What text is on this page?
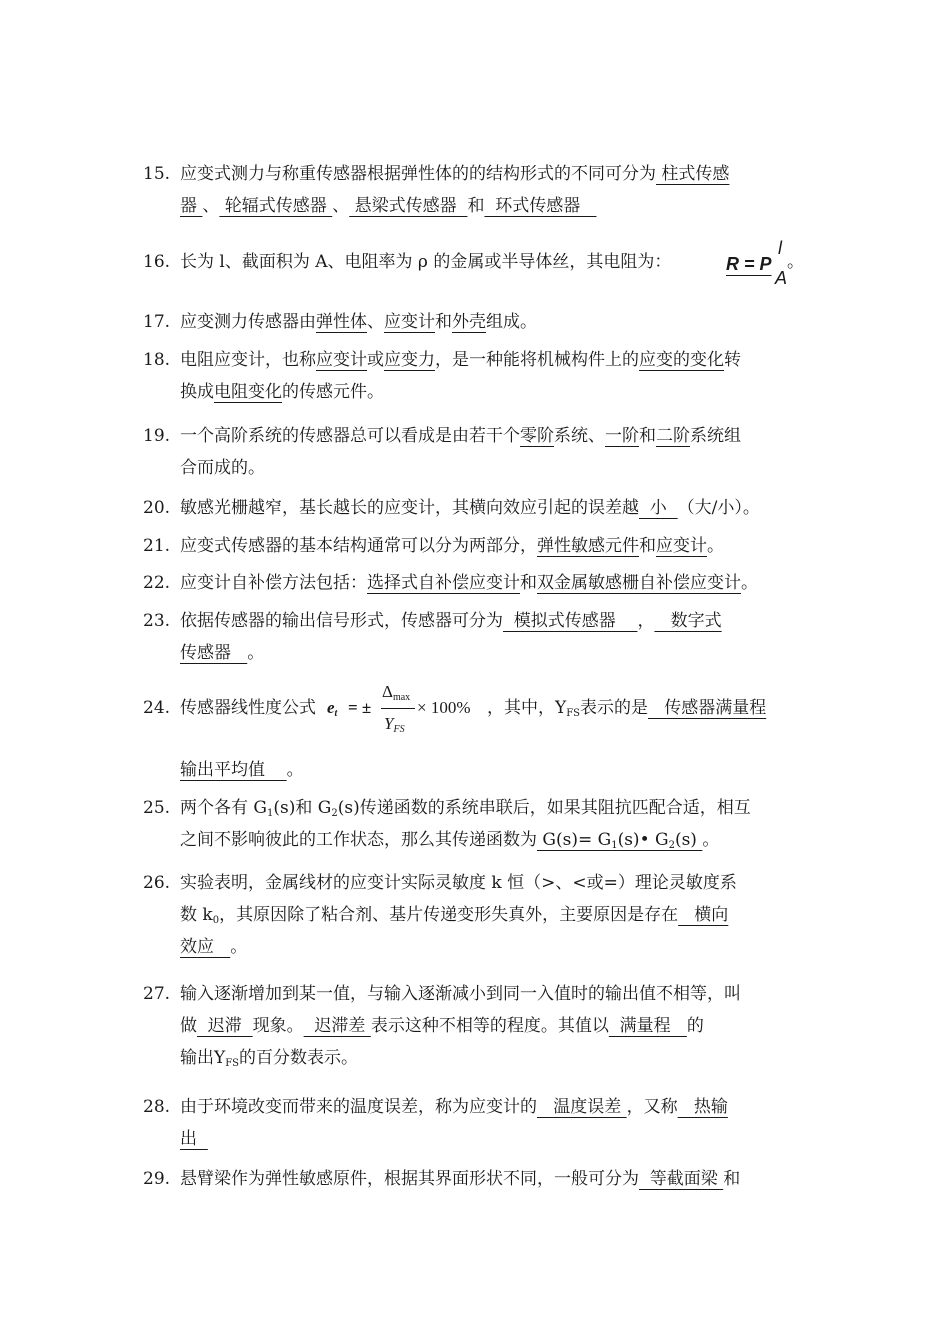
15. 应变式测力与称重传感器根据弹性体的的结构形式的不同可分为 柱式传感
器 、 轮辐式传感器 、 悬梁式传感器  和  环式传感器
16. 长为 l、截面积为 A、电阻率为 ρ 的金属或半导体丝，其电阻为：	R = P
l
A
。
17. 应变测力传感器由弹性体、应变计和外壳组成。
18. 电阻应变计，也称应变计或应变力，是一种能将机械构件上的应变的变化转
换成电阻变化的传感元件。
19. 一个高阶系统的传感器总可以看成是由若干个零阶系统、一阶和二阶系统组
合而成的。
20. 敏感光栅越窄，基长越长的应变计，其横向效应引起的误差越  小  （大/小）。
21. 应变式传感器的基本结构通常可以分为两部分，弹性敏感元件和应变计。
22. 应变计自补偿方法包括：选择式自补偿应变计和双金属敏感栅自补偿应变计。
23. 依据传感器的输出信号形式，传感器可分为  模拟式传感器    ，   数字式
传感器   。
24. 传感器线性度公式 $e_t$ = ±
$\Delta_{max}$
$Y_{FS}$
× 100% ，其中，$Y_{FS}$表示的是   传感器满量程
输出平均值    。
25. 两个各有 $G_1(s)$和 $G_2(s)$传递函数的系统串联后，如果其阻抗匹配合适，相互
之间不影响彼此的工作状态，那么其传递函数为 $G(s)= G_1(s)•$ $G_2(s)$ 。
26. 实验表明，金属线材的应变计实际灵敏度 k 恒（>、<或=）理论灵敏度系
数 $k_0$，其原因除了粘合剂、基片传递变形失真外，主要原因是存在   横向
效应   。
27. 输入逐渐增加到某一值，与输入逐渐减小到同一入值时的输出值不相等，叫
做  迟滞  现象。  迟滞差 表示这种不相等的程度。其值以  满量程   的
输出$Y_{FS}$的百分数表示。
28. 由于环境改变而带来的温度误差，称为应变计的   温度误差 ，又称   热输
出
29. 悬臂梁作为弹性敏感原件，根据其界面形状不同，一般可分为  等截面梁 和
